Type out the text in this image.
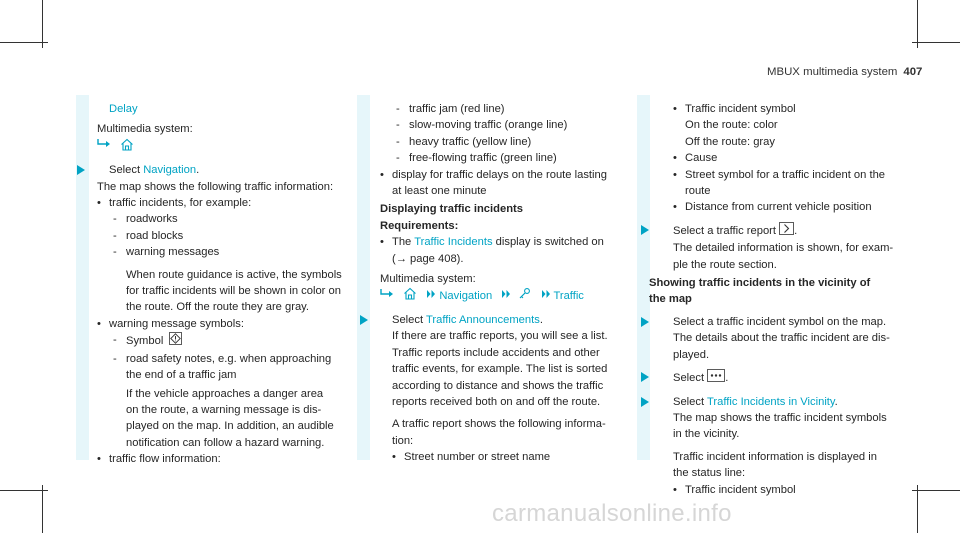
MBUX multimedia system 407

Delay

Multimedia system:

Select Navigation.

The map shows the following traffic information:

• traffic incidents, for example:

- roadworks

- road blocks

- warning messages

When route guidance is active, the symbols

for traffic incidents will be shown in color on

the route. Off the route they are gray.

• warning message symbols:

- Symbol

- road safety notes, e.g. when approaching

the end of a traffic jam

If the vehicle approaches a danger area

on the route, a warning message is dis-

played on the map. In addition, an audible

notification can follow a hazard warning.

• traffic flow information:

- traffic jam (red line)

- slow-moving traffic (orange line)

- heavy traffic (yellow line)

- free-flowing traffic (green line)

• display for traffic delays on the route lasting

at least one minute

Displaying traffic incidents

Requirements:

• The Traffic Incidents display is switched on

(→ page 408).

Multimedia system:

Navigation	Traffic

Select Traffic Announcements.

If there are traffic reports, you will see a list.

Traffic reports include accidents and other

traffic events, for example. The list is sorted

according to distance and shows the traffic

reports received both on and off the route.

A traffic report shows the following informa-

tion:

• Street number or street name

• Traffic incident symbol

On the route: color

Off the route: gray

• Cause

• Street symbol for a traffic incident on the

route

• Distance from current vehicle position

Select a traffic report .

The detailed information is shown, for exam-

ple the route section.

Showing traffic incidents in the vicinity of

the map

Select a traffic incident symbol on the map.

The details about the traffic incident are dis-

played.

Select .

Select Traffic Incidents in Vicinity.

The map shows the traffic incident symbols

in the vicinity.

Traffic incident information is displayed in

the status line:

• Traffic incident symbol

carmanualsonline.info
